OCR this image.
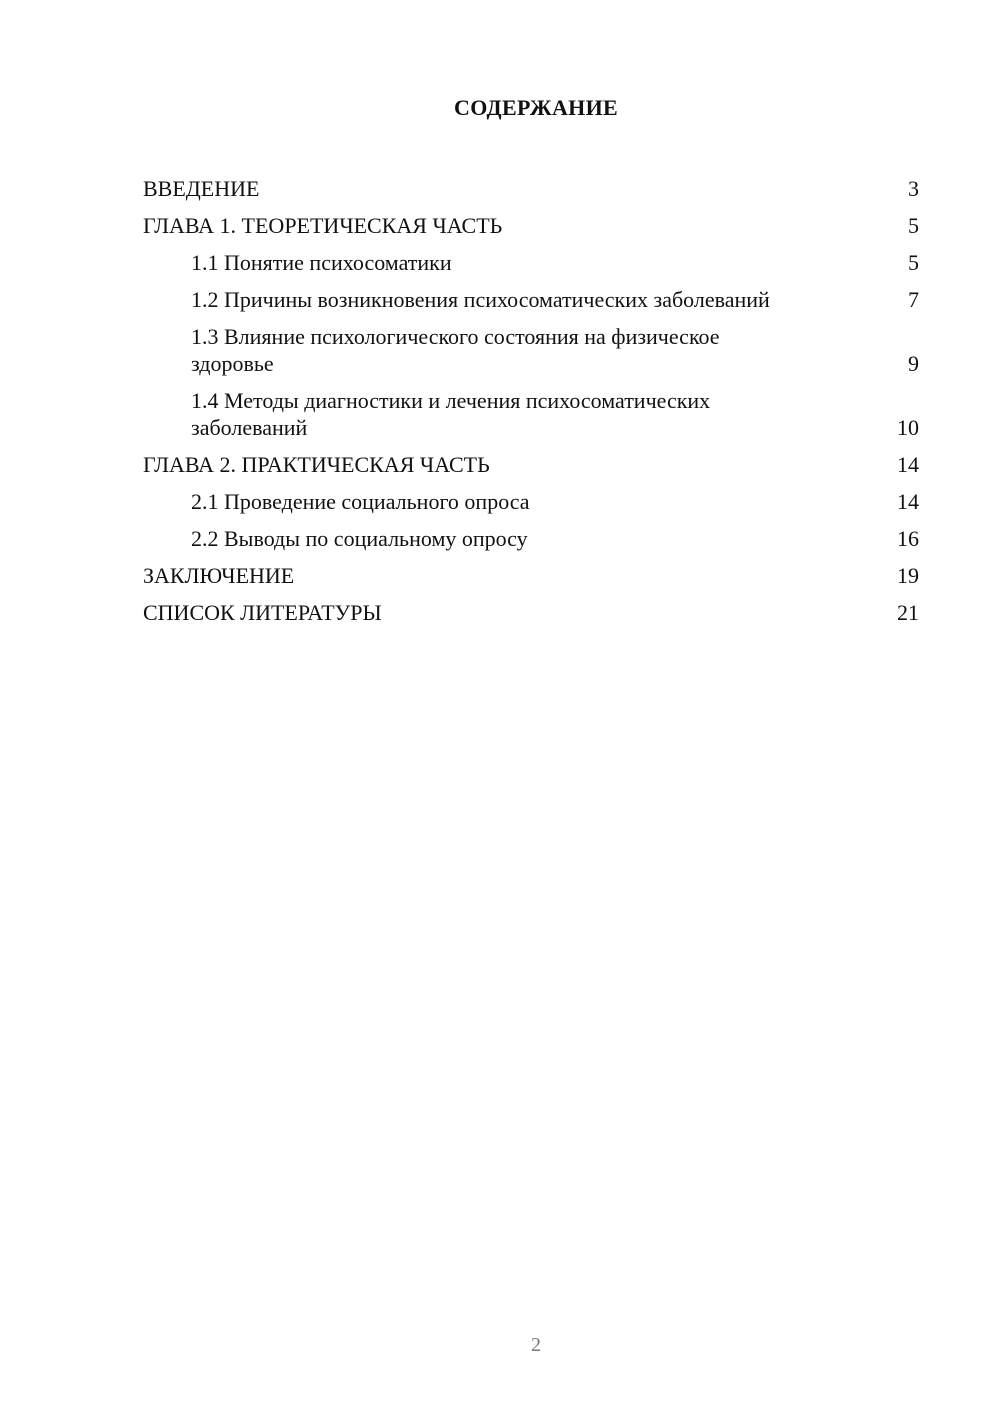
СОДЕРЖАНИЕ
ВВЕДЕНИЕ	3
ГЛАВА 1. ТЕОРЕТИЧЕСКАЯ ЧАСТЬ	5
1.1 Понятие психосоматики	5
1.2 Причины возникновения психосоматических заболеваний	7
1.3 Влияние психологического состояния на физическое здоровье	9
1.4 Методы диагностики и лечения психосоматических заболеваний	10
ГЛАВА 2. ПРАКТИЧЕСКАЯ ЧАСТЬ	14
2.1 Проведение социального опроса	14
2.2 Выводы по социальному опросу	16
ЗАКЛЮЧЕНИЕ	19
СПИСОК ЛИТЕРАТУРЫ	21
2
